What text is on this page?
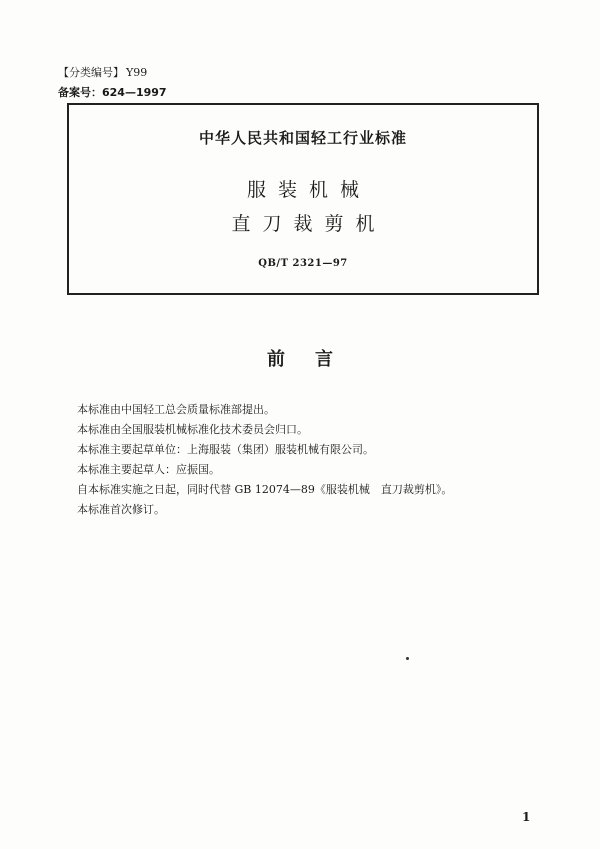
【分类编号】 Y99
备案号：624—1997
中华人民共和国轻工行业标准
服装机械
直刀裁剪机
QB/T 2321—97
前言
本标准由中国轻工总会质量标准部提出。
本标准由全国服装机械标准化技术委员会归口。
本标准主要起草单位：上海服装（集团）服装机械有限公司。
本标准主要起草人：应振国。
自本标准实施之日起，同时代替 GB 12074—89《服装机械　直刀裁剪机》。
本标准首次修订。
1
